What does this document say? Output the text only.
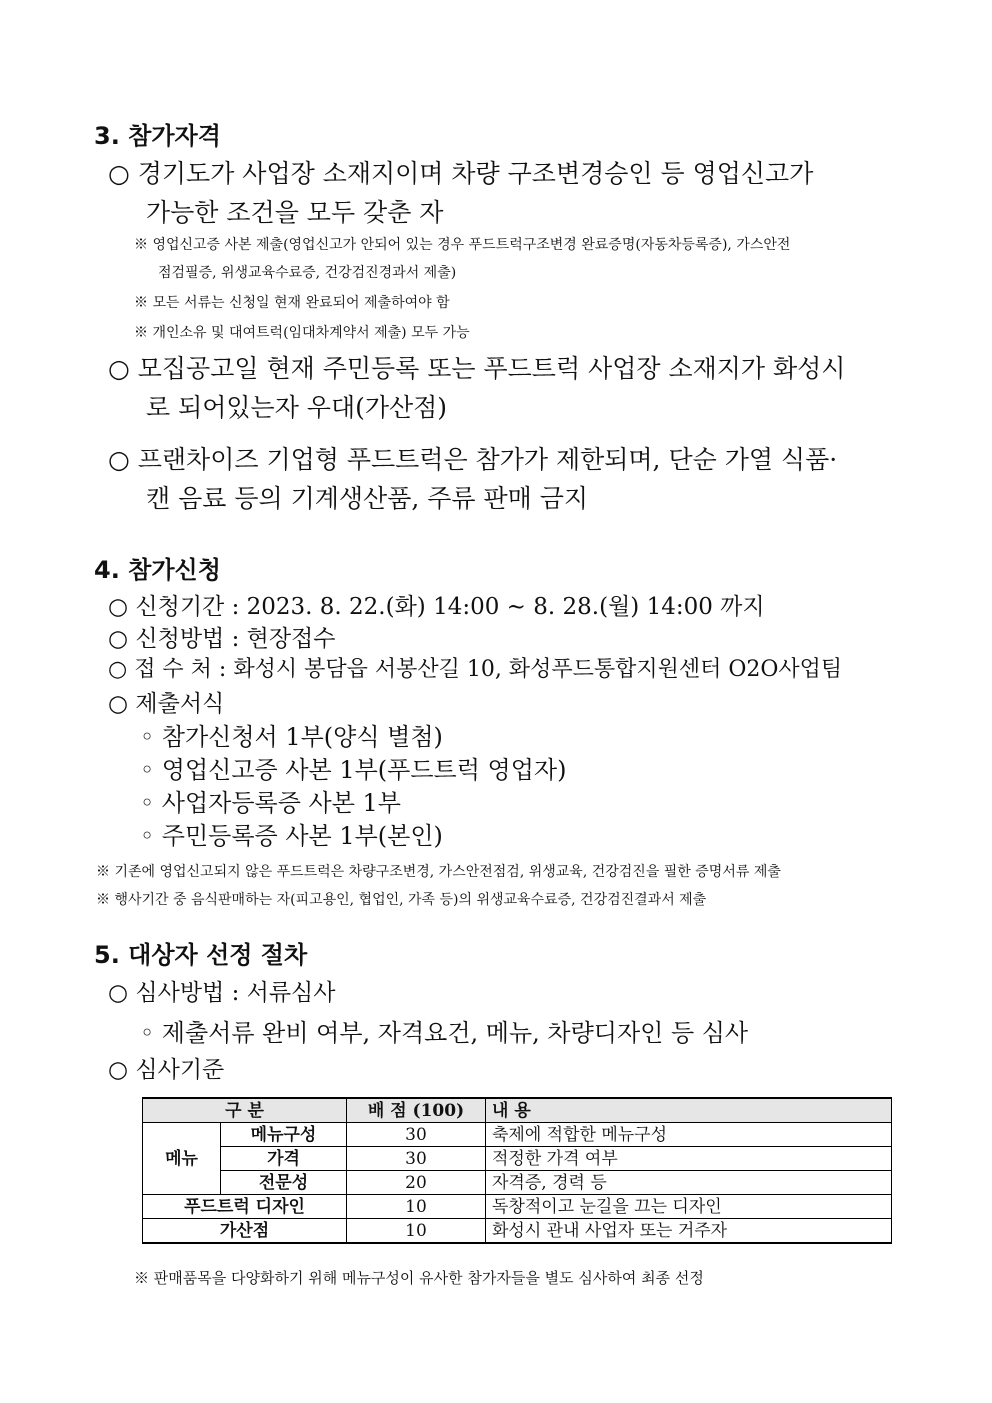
3. 참가자격
○ 경기도가 사업장 소재지이며 차량 구조변경승인 등 영업신고가
가능한 조건을 모두 갖춘 자
※ 영업신고증 사본 제출(영업신고가 안되어 있는 경우 푸드트럭구조변경 완료증명(자동차등록증), 가스안전
점검필증, 위생교육수료증, 건강검진경과서 제출)
※ 모든 서류는 신청일 현재 완료되어 제출하여야 함
※ 개인소유 및 대여트럭(임대차계약서 제출) 모두 가능
○ 모집공고일 현재 주민등록 또는 푸드트럭 사업장 소재지가 화성시
로 되어있는자 우대(가산점)
○ 프랜차이즈 기업형 푸드트럭은 참가가 제한되며, 단순 가열 식품·
캔 음료 등의 기계생산품, 주류 판매 금지
4. 참가신청
○ 신청기간 : 2023. 8. 22.(화) 14:00 ∼ 8. 28.(월) 14:00 까지
○ 신청방법 : 현장접수
○ 접 수 처 : 화성시 봉담읍 서봉산길 10, 화성푸드통합지원센터 O2O사업팀
○ 제출서식
◦ 참가신청서 1부(양식 별첨)
◦ 영업신고증 사본 1부(푸드트럭 영업자)
◦ 사업자등록증 사본 1부
◦ 주민등록증 사본 1부(본인)
※ 기존에 영업신고되지 않은 푸드트럭은 차량구조변경, 가스안전점검, 위생교육, 건강검진을 필한 증명서류 제출
※ 행사기간 중 음식판매하는 자(피고용인, 협업인, 가족 등)의 위생교육수료증, 건강검진결과서 제출
5. 대상자 선정 절차
○ 심사방법 : 서류심사
◦ 제출서류 완비 여부, 자격요건, 메뉴, 차량디자인 등 심사
○ 심사기준
구 분		배 점 (100)	내 용
메뉴	메뉴구성	30	축제에 적합한 메뉴구성
	가격	30	적정한 가격 여부
	전문성	20	자격증, 경력 등
푸드트럭 디자인		10	독창적이고 눈길을 끄는 디자인
가산점		10	화성시 관내 사업자 또는 거주자
※ 판매품목을 다양화하기 위해 메뉴구성이 유사한 참가자들을 별도 심사하여 최종 선정
